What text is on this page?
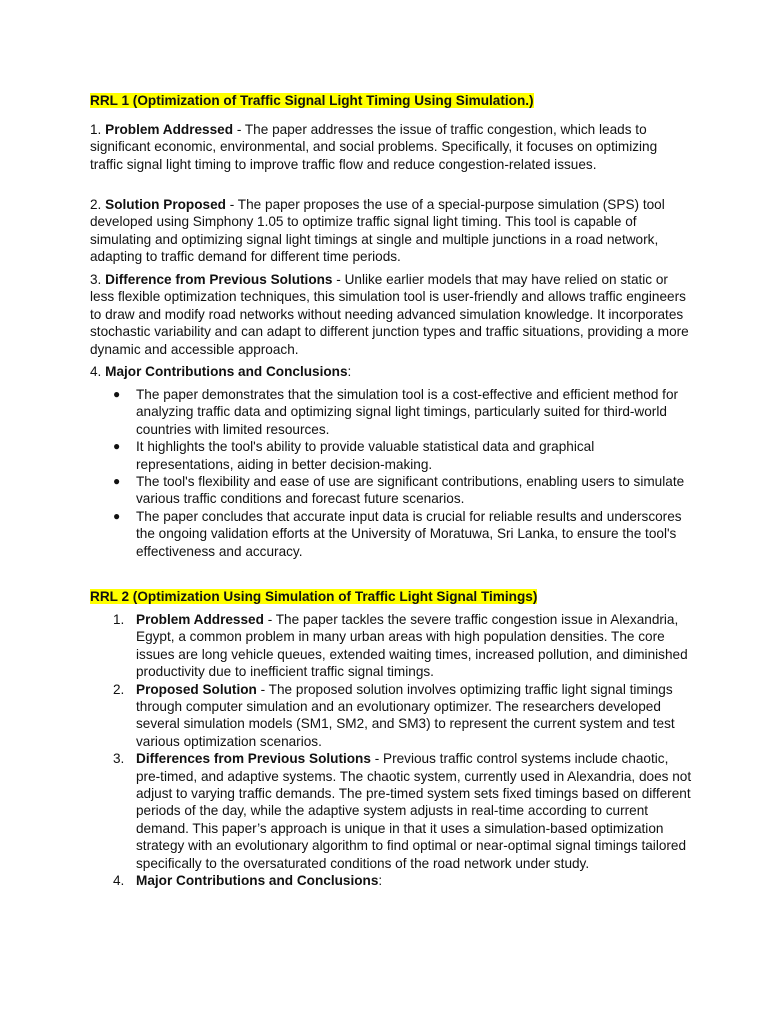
RRL 1 (Optimization of Traffic Signal Light Timing Using Simulation.)
1. Problem Addressed - The paper addresses the issue of traffic congestion, which leads to significant economic, environmental, and social problems. Specifically, it focuses on optimizing traffic signal light timing to improve traffic flow and reduce congestion-related issues.
2. Solution Proposed - The paper proposes the use of a special-purpose simulation (SPS) tool developed using Simphony 1.05 to optimize traffic signal light timing. This tool is capable of simulating and optimizing signal light timings at single and multiple junctions in a road network, adapting to traffic demand for different time periods.
3. Difference from Previous Solutions - Unlike earlier models that may have relied on static or less flexible optimization techniques, this simulation tool is user-friendly and allows traffic engineers to draw and modify road networks without needing advanced simulation knowledge. It incorporates stochastic variability and can adapt to different junction types and traffic situations, providing a more dynamic and accessible approach.
4. Major Contributions and Conclusions:
● The paper demonstrates that the simulation tool is a cost-effective and efficient method for analyzing traffic data and optimizing signal light timings, particularly suited for third-world countries with limited resources.
● It highlights the tool's ability to provide valuable statistical data and graphical representations, aiding in better decision-making.
● The tool's flexibility and ease of use are significant contributions, enabling users to simulate various traffic conditions and forecast future scenarios.
● The paper concludes that accurate input data is crucial for reliable results and underscores the ongoing validation efforts at the University of Moratuwa, Sri Lanka, to ensure the tool's effectiveness and accuracy.
RRL 2 (Optimization Using Simulation of Traffic Light Signal Timings)
1. Problem Addressed - The paper tackles the severe traffic congestion issue in Alexandria, Egypt, a common problem in many urban areas with high population densities. The core issues are long vehicle queues, extended waiting times, increased pollution, and diminished productivity due to inefficient traffic signal timings.
2. Proposed Solution - The proposed solution involves optimizing traffic light signal timings through computer simulation and an evolutionary optimizer. The researchers developed several simulation models (SM1, SM2, and SM3) to represent the current system and test various optimization scenarios.
3. Differences from Previous Solutions - Previous traffic control systems include chaotic, pre-timed, and adaptive systems. The chaotic system, currently used in Alexandria, does not adjust to varying traffic demands. The pre-timed system sets fixed timings based on different periods of the day, while the adaptive system adjusts in real-time according to current demand. This paper’s approach is unique in that it uses a simulation-based optimization strategy with an evolutionary algorithm to find optimal or near-optimal signal timings tailored specifically to the oversaturated conditions of the road network under study.
4. Major Contributions and Conclusions:
